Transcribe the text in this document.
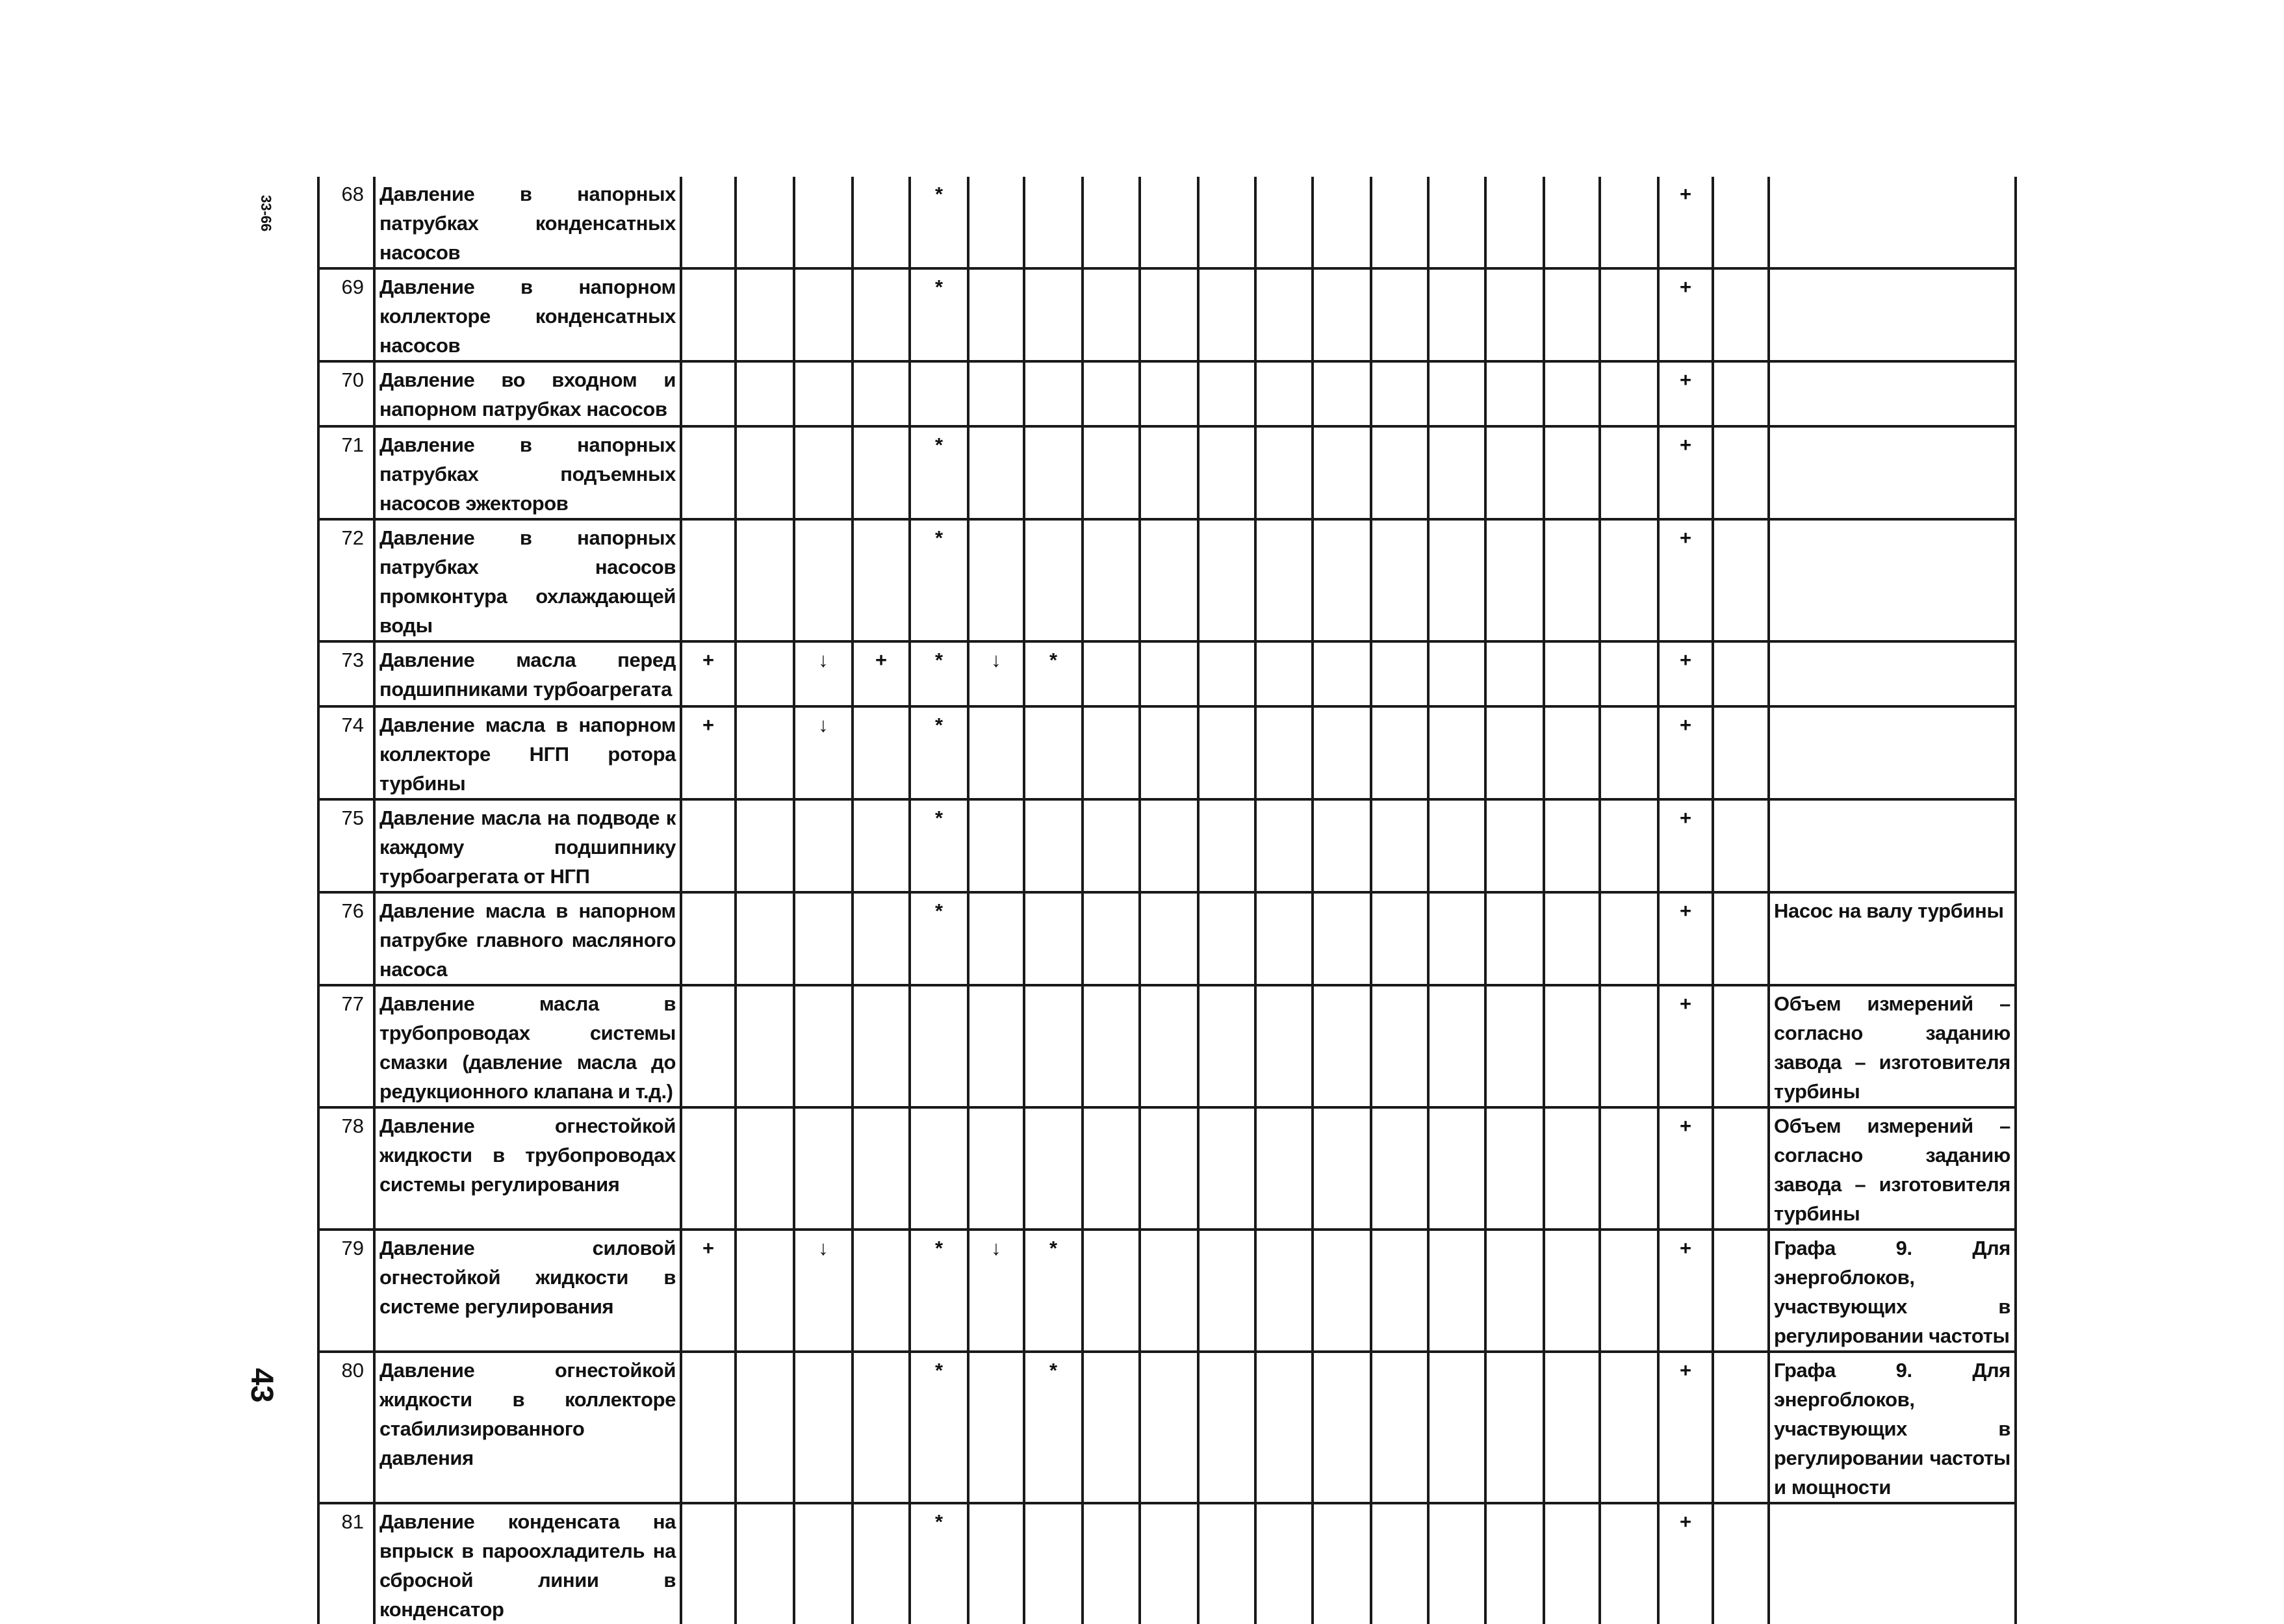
33-66
43
68	Давление в напорных патрубках конденсатных насосов					*													+		
69	Давление в напорном коллекторе конденсатных насосов					*													+		
70	Давление во входном и напорном патрубках насосов																		+		
71	Давление в напорных патрубках подъемных насосов эжекторов					*													+		
72	Давление в напорных патрубках насосов промконтура охлаждающей воды					*													+		
73	Давление масла перед подшипниками турбоагрегата	+		↓	+	*	↓	*											+		
74	Давление масла в напорном коллекторе НГП ротора турбины	+		↓		*													+		
75	Давление масла на подводе к каждому подшипнику турбоагрегата от НГП					*													+		
76	Давление масла в напорном патрубке главного масляного насоса					*													+		Насос на валу турбины
77	Давление масла в трубопроводах системы смазки (давление масла до редукционного клапана и т.д.)																		+		Объем измерений – согласно заданию завода – изготовителя турбины
78	Давление огнестойкой жидкости в трубопроводах системы регулирования																		+		Объем измерений – согласно заданию завода – изготовителя турбины
79	Давление силовой огнестойкой жидкости в системе регулирования	+		↓		*	↓	*											+		Графа 9. Для энергоблоков, участвующих в регулировании частоты
80	Давление огнестойкой жидкости в коллекторе стабилизированного давления					*		*											+		Графа 9. Для энергоблоков, участвующих в регулировании частоты и мощности
81	Давление конденсата на впрыск в пароохладитель на сбросной линии в конденсатор					*													+		
